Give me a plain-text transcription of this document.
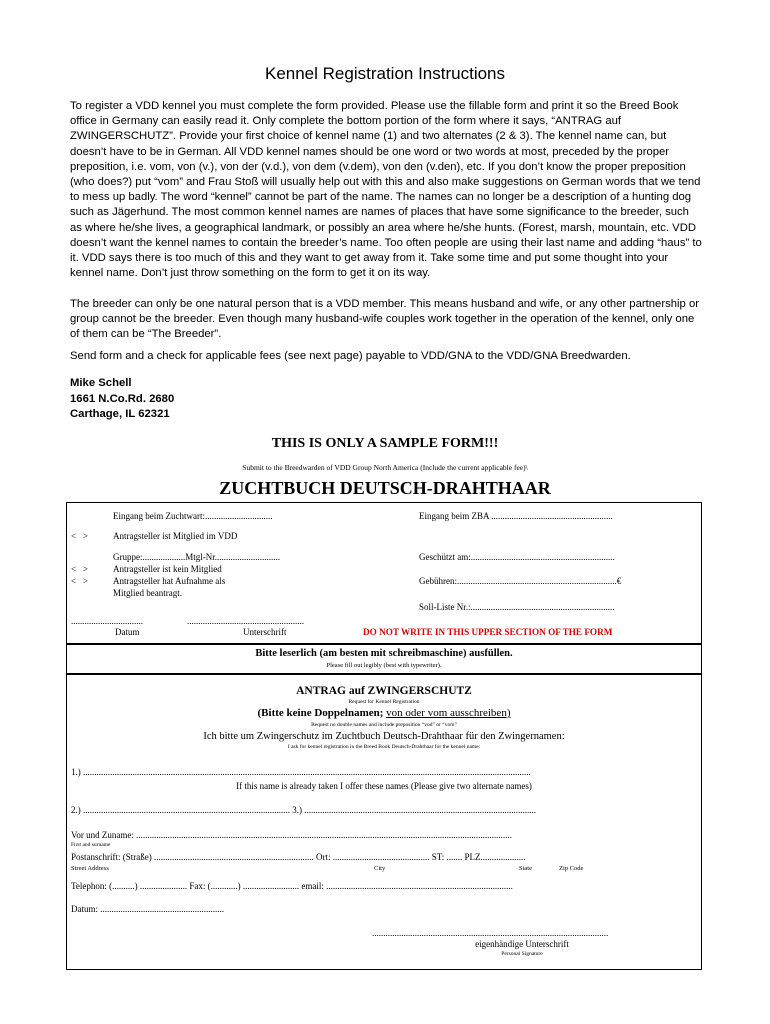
Kennel Registration Instructions
To register a VDD kennel you must complete the form provided. Please use the fillable form and print it so the Breed Book office in Germany can easily read it. Only complete the bottom portion of the form where it says, “ANTRAG auf ZWINGERSCHUTZ”. Provide your first choice of kennel name (1) and two alternates (2 & 3). The kennel name can, but doesn’t have to be in German. All VDD kennel names should be one word or two words at most, preceded by the proper preposition, i.e. vom, von (v.), von der (v.d.), von dem (v.dem), von den (v.den), etc. If you don’t know the proper preposition (who does?) put “vom” and Frau Stoß will usually help out with this and also make suggestions on German words that we tend to mess up badly. The word “kennel” cannot be part of the name. The names can no longer be a description of a hunting dog such as Jägerhund. The most common kennel names are names of places that have some significance to the breeder, such as where he/she lives, a geographical landmark, or possibly an area where he/she hunts. (Forest, marsh, mountain, etc. VDD doesn’t want the kennel names to contain the breeder’s name. Too often people are using their last name and adding “haus” to it. VDD says there is too much of this and they want to get away from it. Take some time and put some thought into your kennel name. Don’t just throw something on the form to get it on its way.
The breeder can only be one natural person that is a VDD member. This means husband and wife, or any other partnership or group cannot be the breeder. Even though many husband-wife couples work together in the operation of the kennel, only one of them can be “The Breeder”.
Send form and a check for applicable fees (see next page) payable to VDD/GNA to the VDD/GNA Breedwarden.
Mike Schell
1661 N.Co.Rd. 2680
Carthage, IL 62321
THIS IS ONLY A SAMPLE FORM!!!
Submit to the Breedwarden of VDD Group North America (Include the current applicable fee)\
ZUCHTBUCH DEUTSCH-DRAHTHAAR
Eingang beim Zuchtwart:..............................	Eingang beim ZBA ......................................................
<   >	Antragsteller ist Mitglied im VDD
Gruppe:...................Mtgl-Nr.............................	Geschützt am:................................................................
<   >	Antragsteller ist kein Mitglied
<   >	Antragsteller hat Aufnahme als	Gebühren:.......................................................................€
Mitglied beantragt.
Soll-Liste Nr.:................................................................
................................	....................................................
Datum	Unterschrift	DO NOT WRITE IN THIS UPPER SECTION OF THE FORM
Bitte leserlich (am besten mit schreibmaschine) ausfüllen.
Please fill out legibly (best with typewriter).
ANTRAG auf ZWINGERSCHUTZ
Request for Kennel Registration
(Bitte keine Doppelnamen; von oder vom ausschreiben)
Request no double names and include preposition “vod” or “vom”
Ich bitte um Zwingerschutz im Zuchtbuch Deutsch-Drahthaar für den Zwingernamen:
I ask for kennel registration in the Breed Book Deutsch-Drahthaar for the kennel name:
1.) .......................................................................................................................................................................................................
If this name is already taken I offer these names (Please give two alternate names)
2.) ............................................................................................ 3.) .......................................................................................................
Vor und Zuname: .......................................................................................................................................................................
First and surname
Postanschrift: (Straße) ....................................................................... Ort: ........................................... ST: ....... PLZ....................
Street Address	City	State	Zip Code
Telephon: (..........) ..................... Fax: (............) ......................... email: ...................................................................................
Datum: .......................................................
.........................................................................................................
eigenhändige Unterschrift
Personal Signature
